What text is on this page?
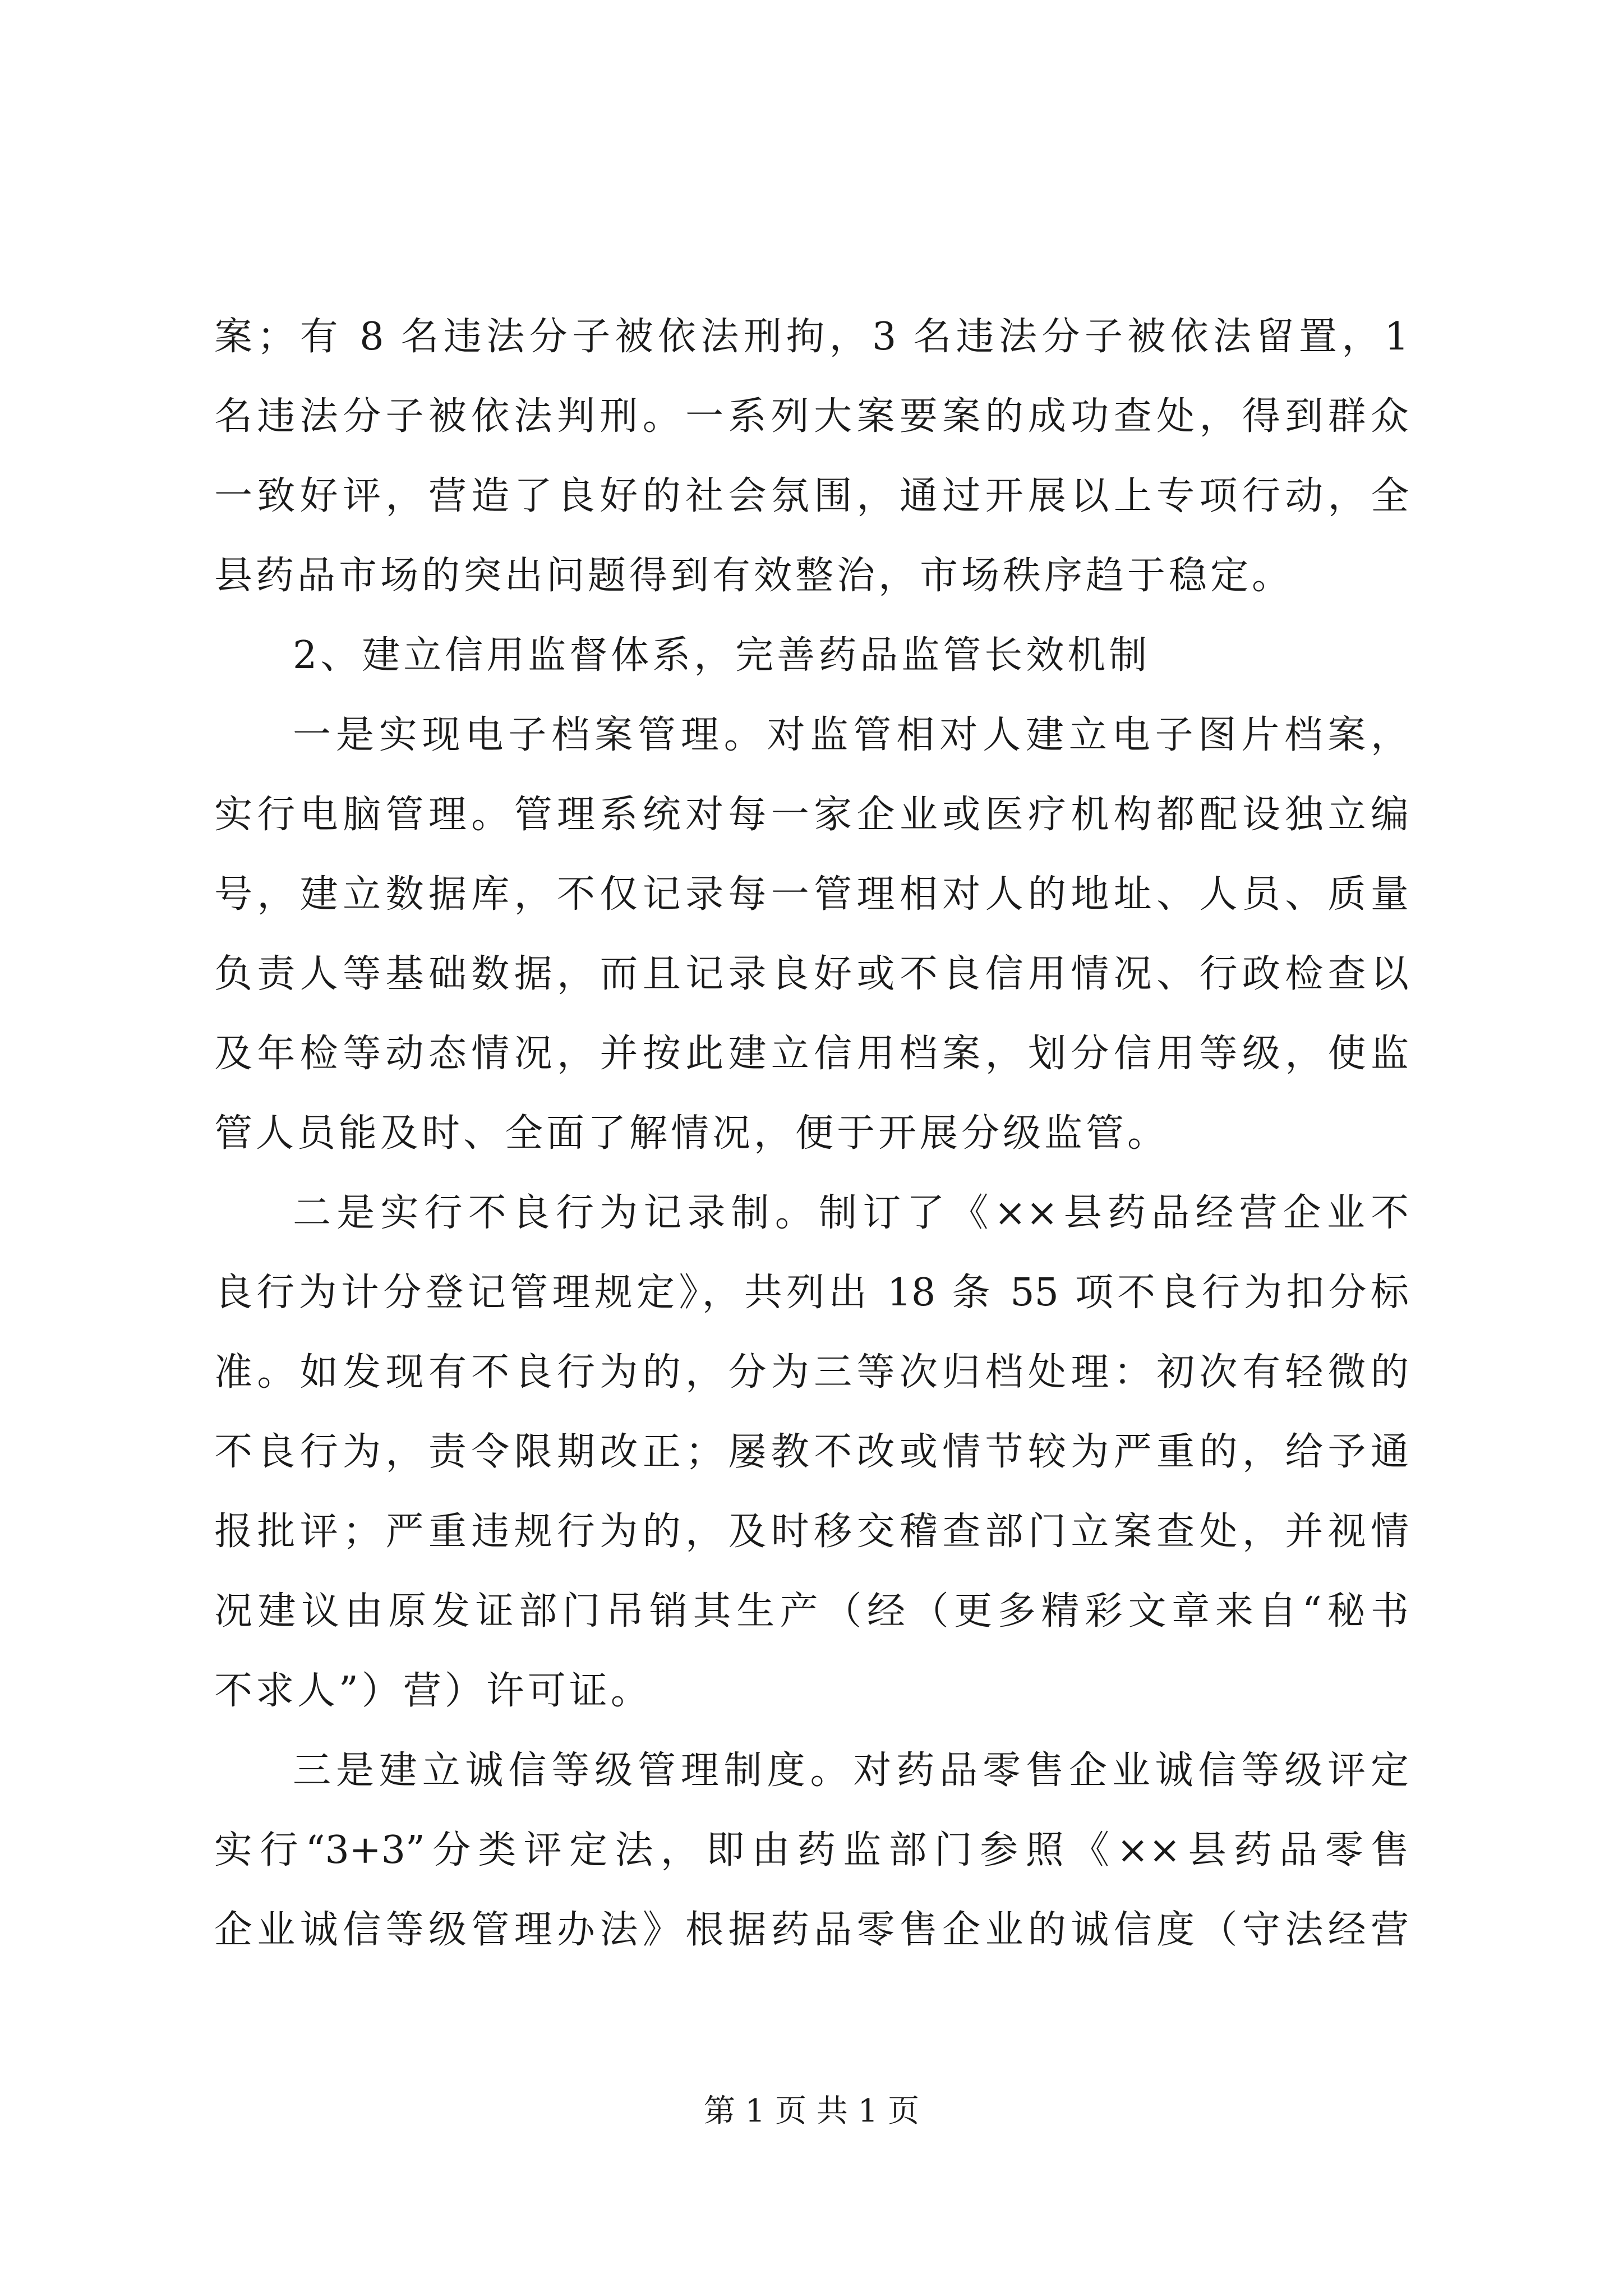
案；有 8 名违法分子被依法刑拘，3 名违法分子被依法留置，1
名违法分子被依法判刑。一系列大案要案的成功查处，得到群众
一致好评，营造了良好的社会氛围，通过开展以上专项行动，全
县药品市场的突出问题得到有效整治，市场秩序趋于稳定。
2、建立信用监督体系，完善药品监管长效机制
一是实现电子档案管理。对监管相对人建立电子图片档案，
实行电脑管理。管理系统对每一家企业或医疗机构都配设独立编
号，建立数据库，不仅记录每一管理相对人的地址、人员、质量
负责人等基础数据，而且记录良好或不良信用情况、行政检查以
及年检等动态情况，并按此建立信用档案，划分信用等级，使监
管人员能及时、全面了解情况，便于开展分级监管。
二是实行不良行为记录制。制订了《××县药品经营企业不
良行为计分登记管理规定》，共列出 18 条 55 项不良行为扣分标
准。如发现有不良行为的，分为三等次归档处理：初次有轻微的
不良行为，责令限期改正；屡教不改或情节较为严重的，给予通
报批评；严重违规行为的，及时移交稽查部门立案查处，并视情
况建议由原发证部门吊销其生产（经（更多精彩文章来自“秘书
不求人”）营）许可证。
三是建立诚信等级管理制度。对药品零售企业诚信等级评定
实行“3+3”分类评定法，即由药监部门参照《××县药品零售
企业诚信等级管理办法》根据药品零售企业的诚信度（守法经营
第 1 页 共 1 页
